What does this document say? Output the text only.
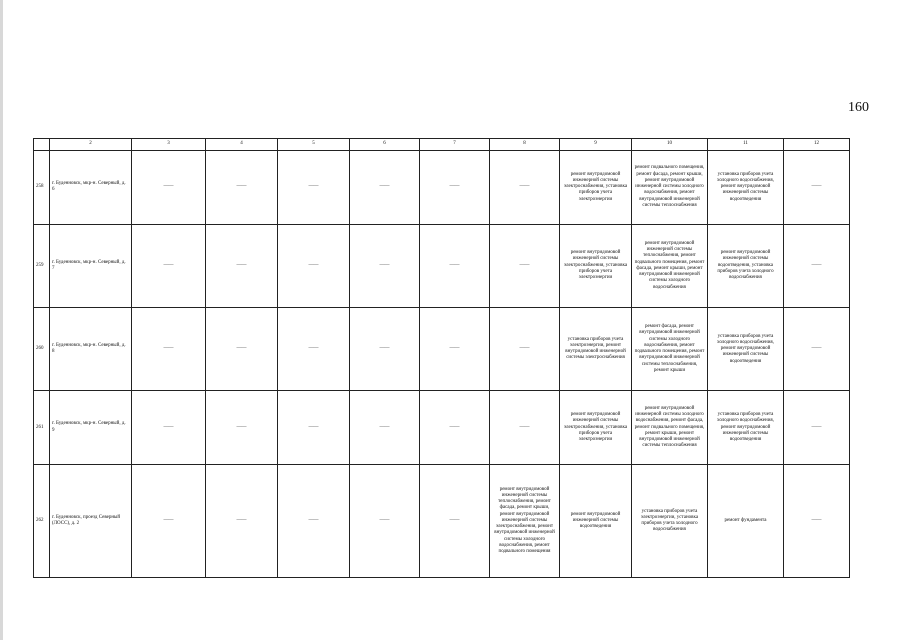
160
	2	3	4	5	6	7	8	9	10	11	12
258	г. Буденновск, мкр-н. Северный, д. 6	——	——	——	——	——	——	ремонт внутридомовой инженерной системы электроснабжения, установка приборов учета электроэнергии	ремонт подвального помещения, ремонт фасада, ремонт крыши, ремонт внутридомовой инженерной системы холодного водоснабжения, ремонт внутридомовой инженерной системы теплоснабжения	установка приборов учета холодного водоснабжения, ремонт внутридомовой инженерной системы водоотведения	——
259	г. Буденновск, мкр-н. Северный, д. 7	——	——	——	——	——	——	ремонт внутридомовой инженерной системы электроснабжения, установка приборов учета электроэнергии	ремонт внутридомовой инженерной системы теплоснабжения, ремонт подвального помещения, ремонт фасада, ремонт крыши, ремонт внутридомовой инженерной системы холодного водоснабжения	ремонт внутридомовой инженерной системы водоотведения, установка приборов учета холодного водоснабжения	——
260	г. Буденновск, мкр-н. Северный, д. 8	——	——	——	——	——	——	установка приборов учета электроэнергии, ремонт внутридомовой инженерной системы электроснабжения	ремонт фасада, ремонт внутридомовой инженерной системы холодного водоснабжения, ремонт подвального помещения, ремонт внутридомовой инженерной системы теплоснабжения, ремонт крыши	установка приборов учета холодного водоснабжения, ремонт внутридомовой инженерной системы водоотведения	——
261	г. Буденновск, мкр-н. Северный, д. 9	——	——	——	——	——	——	ремонт внутридомовой инженерной системы электроснабжения, установка приборов учета электроэнергии	ремонт внутридомовой инженерной системы холодного водоснабжения, ремонт фасада, ремонт подвального помещения, ремонт крыши, ремонт внутридомовой инженерной системы теплоснабжения	установка приборов учета холодного водоснабжения, ремонт внутридомовой инженерной системы водоотведения	——
262	г. Буденновск, проезд Северный (ЛОСС), д. 2	——	——	——	——	——	ремонт внутридомовой инженерной системы теплоснабжения, ремонт фасада, ремонт крыши, ремонт внутридомовой инженерной системы электроснабжения, ремонт внутридомовой инженерной системы холодного водоснабжения, ремонт подвального помещения	ремонт внутридомовой инженерной системы водоотведения	установка приборов учета электроэнергии, установка приборов учета холодного водоснабжения	ремонт фундамента	——
